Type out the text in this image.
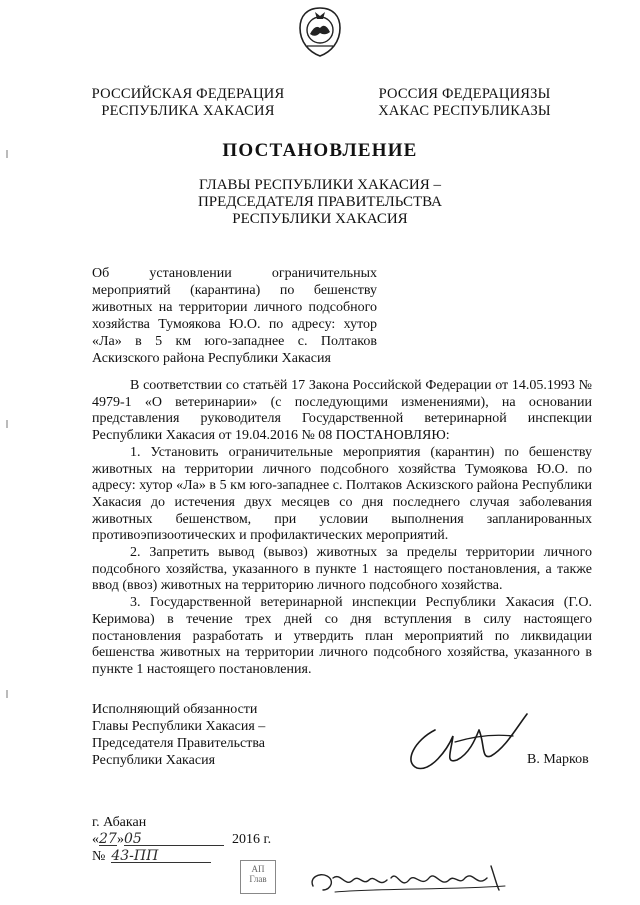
РОССИЙСКАЯ ФЕДЕРАЦИЯ
РЕСПУБЛИКА ХАКАСИЯ
РОССИЯ ФЕДЕРАЦИЯЗЫ
ХАКАС РЕСПУБЛИКАЗЫ
ПОСТАНОВЛЕНИЕ
ГЛАВЫ РЕСПУБЛИКИ ХАКАСИЯ –
ПРЕДСЕДАТЕЛЯ ПРАВИТЕЛЬСТВА
РЕСПУБЛИКИ ХАКАСИЯ
Об установлении ограничительных мероприятий (карантина) по бешенству животных на территории личного подсобного хозяйства Тумоякова Ю.О. по адресу: хутор «Ла» в 5 км юго-западнее с. Полтаков Аскизского района Республики Хакасия

В соответствии со статьёй 17 Закона Российской Федерации от 14.05.1993 № 4979-1 «О ветеринарии» (с последующими изменениями), на основании представления руководителя Государственной ветеринарной инспекции Республики Хакасия от 19.04.2016 № 08 ПОСТАНОВЛЯЮ:

1. Установить ограничительные мероприятия (карантин) по бешенству животных на территории личного подсобного хозяйства Тумоякова Ю.О. по адресу: хутор «Ла» в 5 км юго-западнее с. Полтаков Аскизского района Республики Хакасия до истечения двух месяцев со дня последнего случая заболевания животных бешенством, при условии выполнения запланированных противоэпизоотических и профилактических мероприятий.

2. Запретить вывод (вывоз) животных за пределы территории личного подсобного хозяйства, указанного в пункте 1 настоящего постановления, а также ввод (ввоз) животных на территорию личного подсобного хозяйства.

3. Государственной ветеринарной инспекции Республики Хакасия (Г.О. Керимова) в течение трех дней со дня вступления в силу настоящего постановления разработать и утвердить план мероприятий по ликвидации бешенства животных на территории личного подсобного хозяйства, указанного в пункте 1 настоящего постановления.

Исполняющий обязанности
Главы Республики Хакасия –
Председателя Правительства
Республики Хакасия	В. Марков
г. Абакан
« 27 » 05	2016 г.
№ 43-ПП
АП
Глав
